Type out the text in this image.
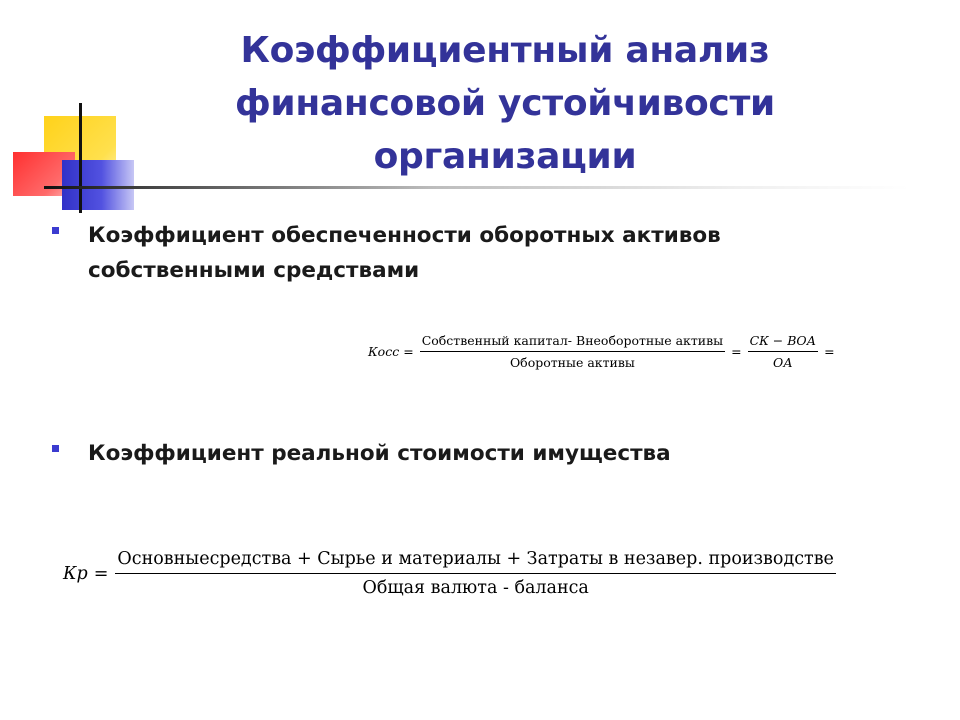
Коэффициентный анализ финансовой устойчивости организации
Коэффициент обеспеченности оборотных активов собственными средствами
Косс = $\frac{\text{Собственный капитал- Внеоборотные активы}}{\text{Оборотные активы}} = \frac{\text{СК − ВОА}}{ОА}$ =
Коэффициент реальной стоимости имущества
Кр =
Основныесредства + Сырье и материалы + Затраты в незавер. производстве
Общая валюта - баланса
